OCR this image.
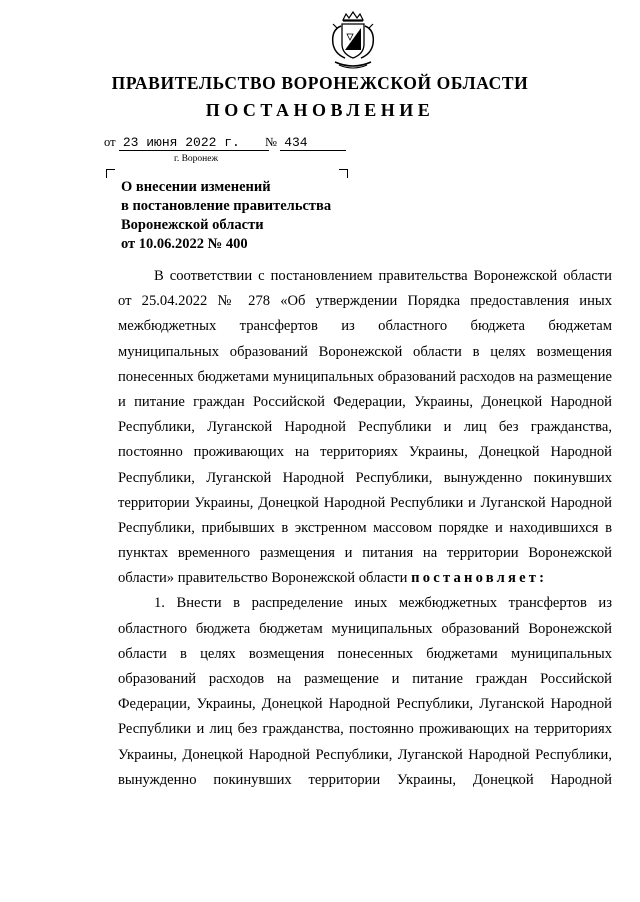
ПРАВИТЕЛЬСТВО ВОРОНЕЖСКОЙ ОБЛАСТИ
ПОСТАНОВЛЕНИЕ
от 23 июня 2022 г.	№ 434
г. Воронеж
О внесении изменений
в постановление правительства
Воронежской области
от 10.06.2022 № 400
В соответствии с постановлением правительства Воронежской области
от 25.04.2022 № 278 «Об утверждении Порядка предоставления иных
межбюджетных трансфертов из областного бюджета бюджетам
муниципальных образований Воронежской области в целях возмещения
понесенных бюджетами муниципальных образований расходов на размещение
и питание граждан Российской Федерации, Украины, Донецкой Народной
Республики, Луганской Народной Республики и лиц без гражданства,
постоянно проживающих на территориях Украины, Донецкой Народной
Республики, Луганской Народной Республики, вынужденно покинувших
территории Украины, Донецкой Народной Республики и Луганской Народной
Республики, прибывших в экстренном массовом порядке и находившихся в
пунктах временного размещения и питания на территории Воронежской
области» правительство Воронежской области постановляет:
1. Внести в распределение иных межбюджетных трансфертов из
областного бюджета бюджетам муниципальных образований Воронежской
области в целях возмещения понесенных бюджетами муниципальных
образований расходов на размещение и питание граждан Российской
Федерации, Украины, Донецкой Народной Республики, Луганской Народной
Республики и лиц без гражданства, постоянно проживающих на территориях
Украины, Донецкой Народной Республики, Луганской Народной Республики,
вынужденно покинувших территории Украины, Донецкой Народной
